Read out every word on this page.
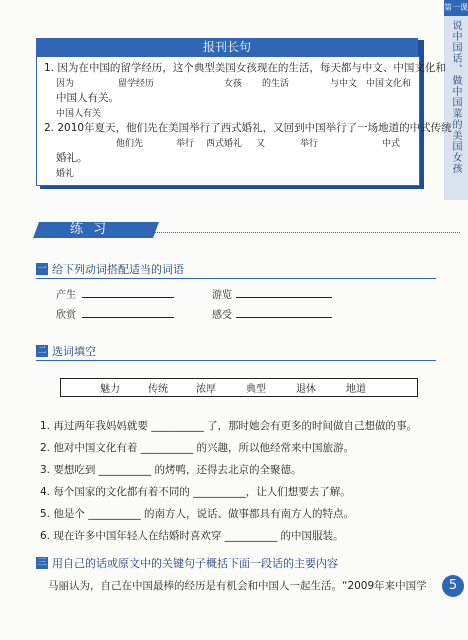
第一课
说中国话、做中国菜的美国女孩
5
报刊长句
1. 因为在中国的留学经历，这个典型美国女孩现在的生活，每天都与中文、中国文化和
因为	留学经历	女孩 的生活	与中文 中国文化和
中国人有关。
中国人有关
2. 2010年夏天，他们先在美国举行了西式婚礼，又回到中国举行了一场地道的中式传统
他们先	举行 西式婚礼 又	举行	中式
婚礼。
婚礼
练 习
一 给下列动词搭配适当的词语
产生	游览
欣赏	感受
二 选词填空
魅力	传统	浓厚	典型	退休	地道
1. 再过两年我妈妈就要 __________ 了，那时她会有更多的时间做自己想做的事。
2. 他对中国文化有着 __________ 的兴趣，所以他经常来中国旅游。
3. 要想吃到 __________ 的烤鸭，还得去北京的全聚德。
4. 每个国家的文化都有着不同的 __________，让人们想要去了解。
5. 他是个 __________ 的南方人，说话、做事都具有南方人的特点。
6. 现在许多中国年轻人在结婚时喜欢穿 __________ 的中国服装。
三 用自己的话或原文中的关键句子概括下面一段话的主要内容
马丽认为，自己在中国最棒的经历是有机会和中国人一起生活。“2009年来中国学
